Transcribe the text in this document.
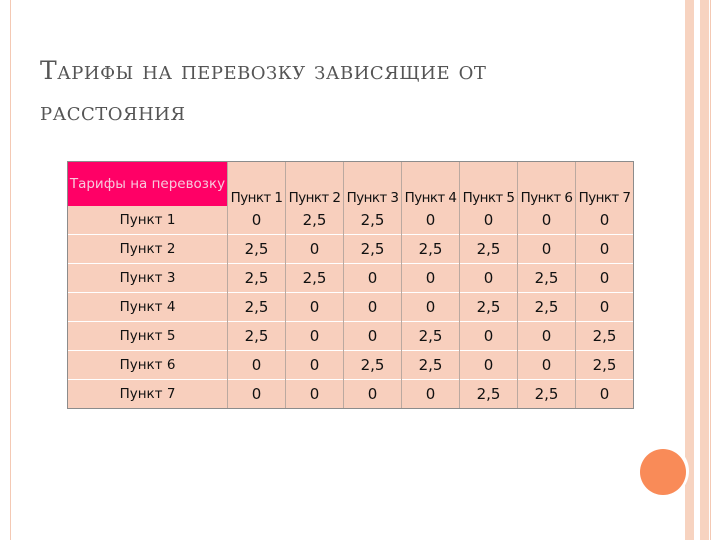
Тарифы на перевозку зависящие от расстояния
Тарифы на перевозку	Пункт 1	Пункт 2	Пункт 3	Пункт 4	Пункт 5	Пункт 6	Пункт 7
Пункт 1	0	2,5	2,5	0	0	0	0
Пункт 2	2,5	0	2,5	2,5	2,5	0	0
Пункт 3	2,5	2,5	0	0	0	2,5	0
Пункт 4	2,5	0	0	0	2,5	2,5	0
Пункт 5	2,5	0	0	2,5	0	0	2,5
Пункт 6	0	0	2,5	2,5	0	0	2,5
Пункт 7	0	0	0	0	2,5	2,5	0
